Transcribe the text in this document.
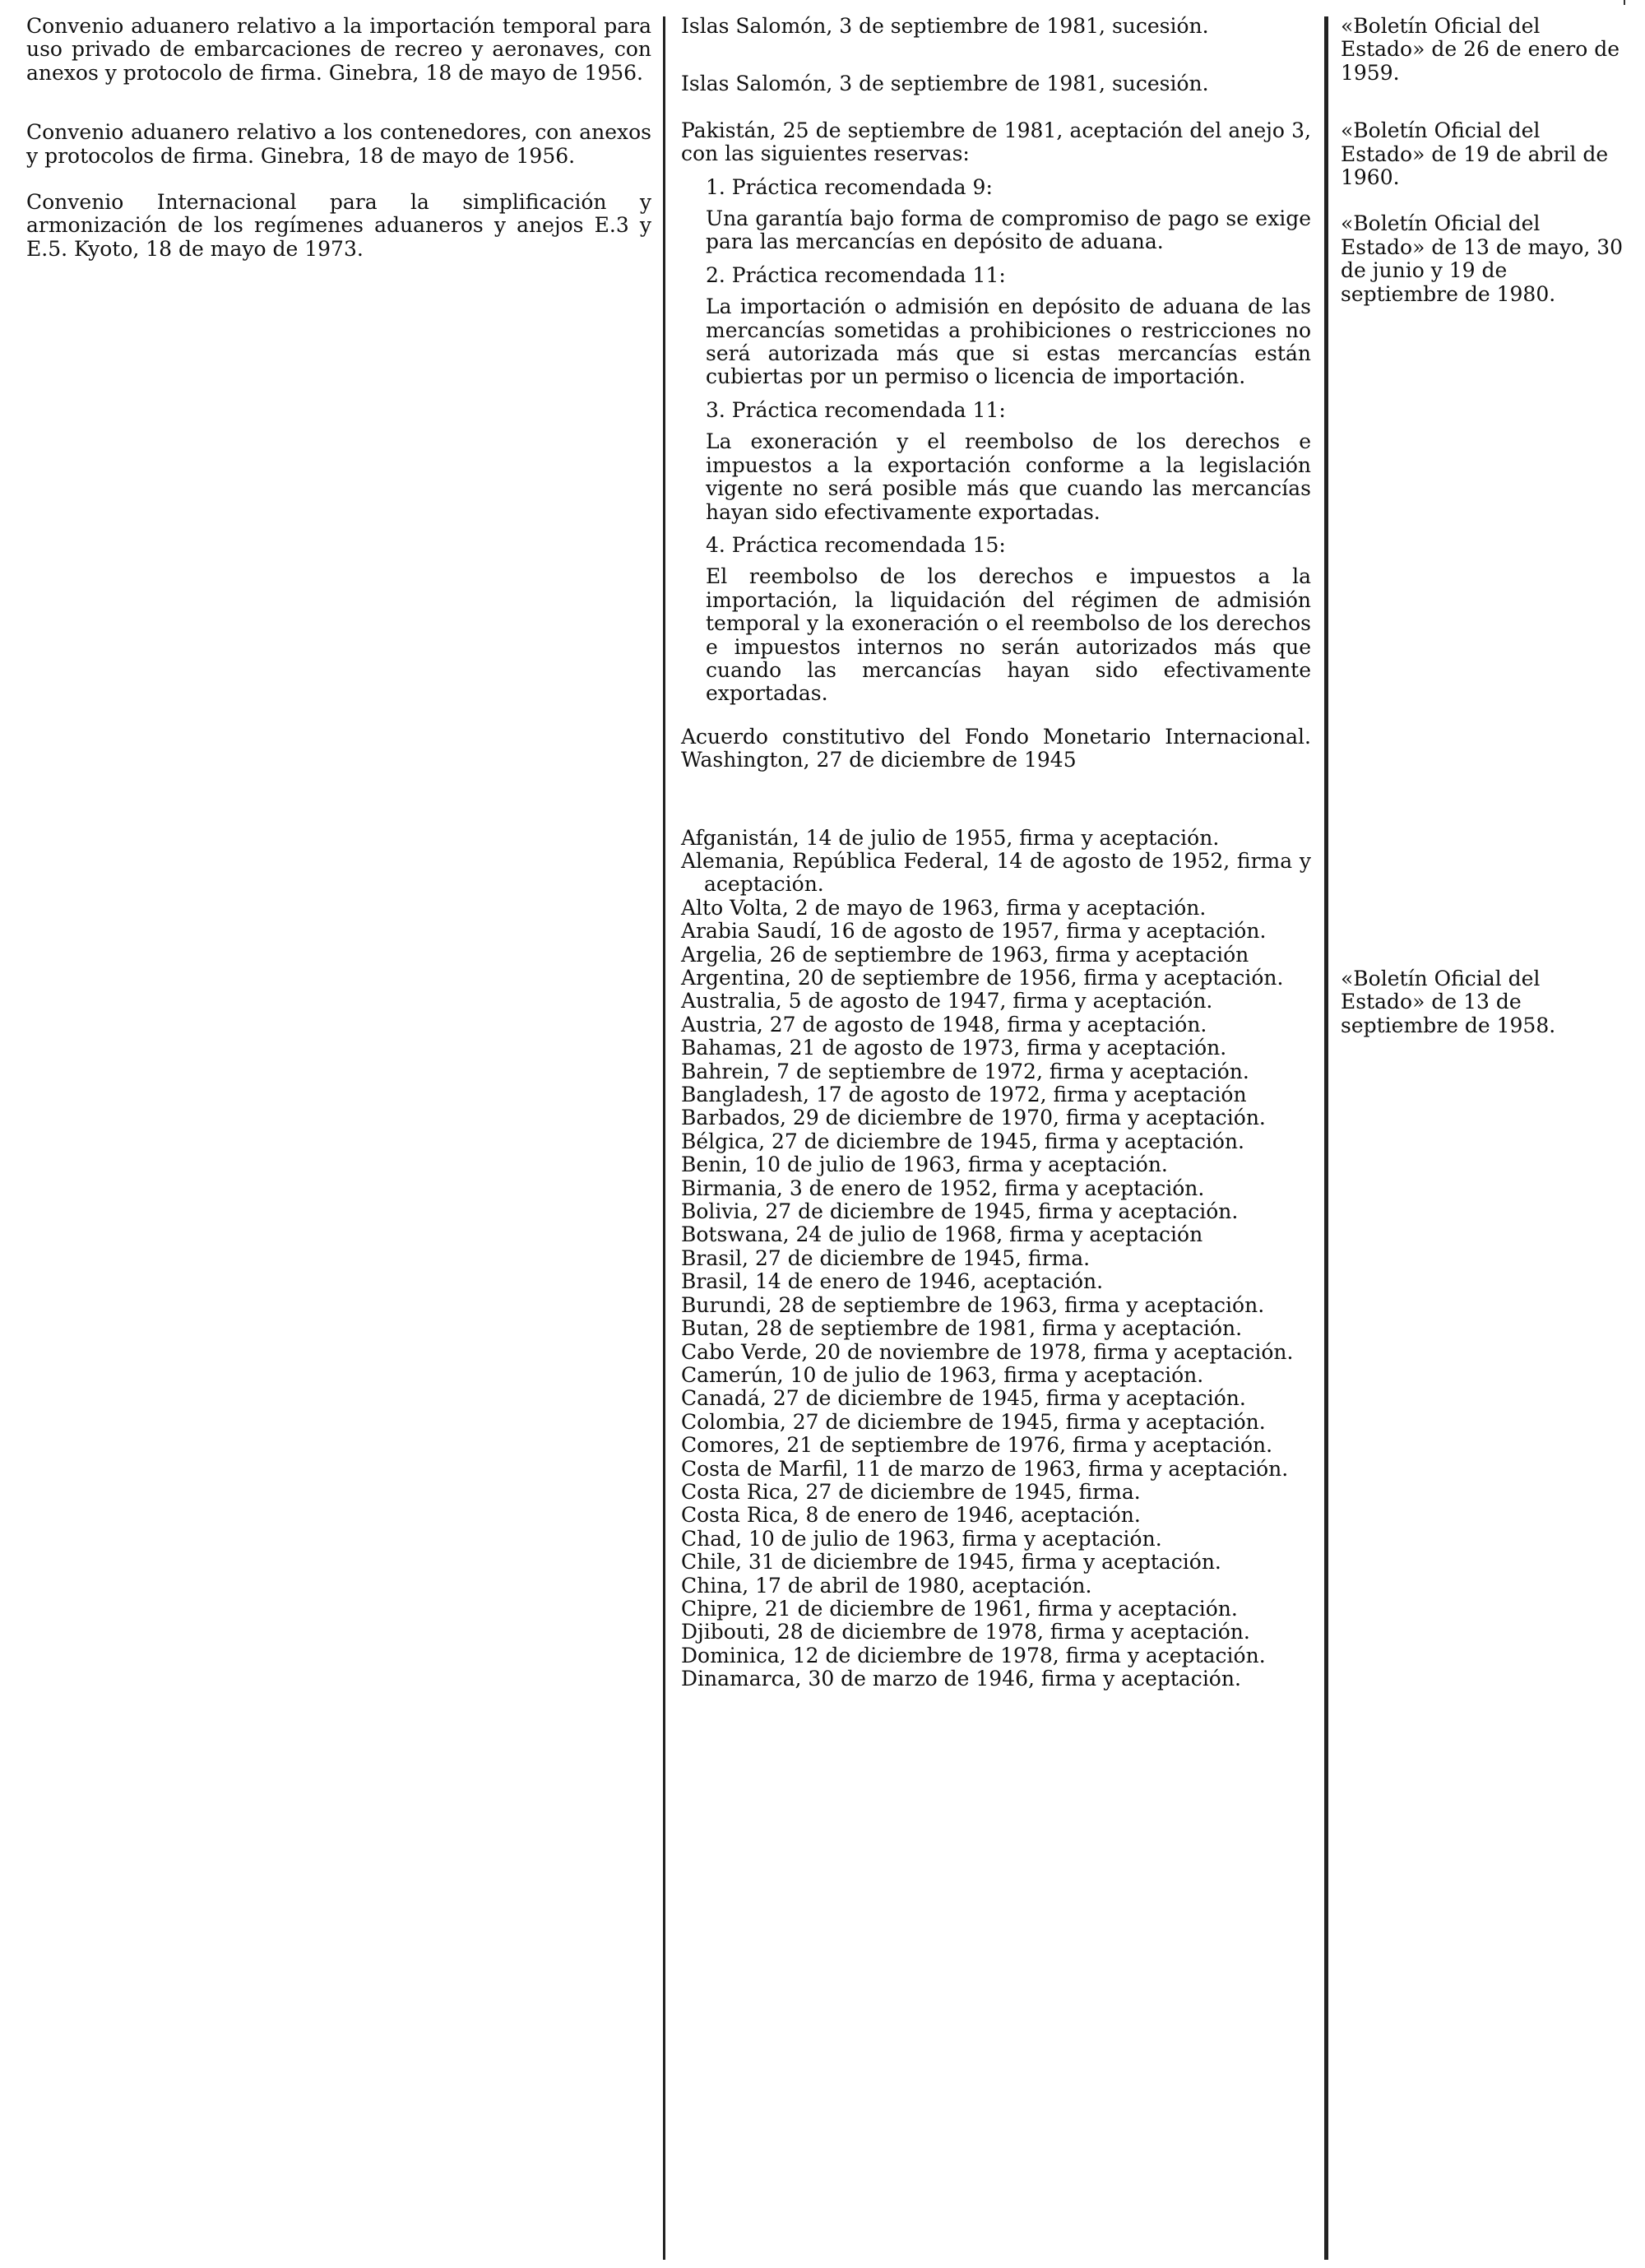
Convenio aduanero relativo a la importación temporal para uso privado de embarcaciones de recreo y aeronaves, con anexos y protocolo de firma. Ginebra, 18 de mayo de 1956.

Convenio aduanero relativo a los contenedores, con anexos y protocolos de firma. Ginebra, 18 de mayo de 1956.

Convenio Internacional para la simplificación y armonización de los regímenes aduaneros y anejos E.3 y E.5. Kyoto, 18 de mayo de 1973.

Islas Salomón, 3 de septiembre de 1981, sucesión.

Islas Salomón, 3 de septiembre de 1981, sucesión.

Pakistán, 25 de septiembre de 1981, aceptación del anejo 3, con las siguientes reservas:

1. Práctica recomendada 9:

Una garantía bajo forma de compromiso de pago se exige para las mercancías en depósito de aduana.

2. Práctica recomendada 11:

La importación o admisión en depósito de aduana de las mercancías sometidas a prohibiciones o restricciones no será autorizada más que si estas mercancías están cubiertas por un permiso o licencia de importación.

3. Práctica recomendada 11:

La exoneración y el reembolso de los derechos e impuestos a la exportación conforme a la legislación vigente no será posible más que cuando las mercancías hayan sido efectivamente exportadas.

4. Práctica recomendada 15:

El reembolso de los derechos e impuestos a la importación, la liquidación del régimen de admisión temporal y la exoneración o el reembolso de los derechos e impuestos internos no serán autorizados más que cuando las mercancías hayan sido efectivamente exportadas.

Acuerdo constitutivo del Fondo Monetario Internacional. Washington, 27 de diciembre de 1945

Afganistán, 14 de julio de 1955, firma y aceptación.

Alemania, República Federal, 14 de agosto de 1952, firma y aceptación.

Alto Volta, 2 de mayo de 1963, firma y aceptación.

Arabia Saudí, 16 de agosto de 1957, firma y aceptación.

Argelia, 26 de septiembre de 1963, firma y aceptación

Argentina, 20 de septiembre de 1956, firma y aceptación.

Australia, 5 de agosto de 1947, firma y aceptación.

Austria, 27 de agosto de 1948, firma y aceptación.

Bahamas, 21 de agosto de 1973, firma y aceptación.

Bahrein, 7 de septiembre de 1972, firma y aceptación.

Bangladesh, 17 de agosto de 1972, firma y aceptación

Barbados, 29 de diciembre de 1970, firma y aceptación.

Bélgica, 27 de diciembre de 1945, firma y aceptación.

Benin, 10 de julio de 1963, firma y aceptación.

Birmania, 3 de enero de 1952, firma y aceptación.

Bolivia, 27 de diciembre de 1945, firma y aceptación.

Botswana, 24 de julio de 1968, firma y aceptación

Brasil, 27 de diciembre de 1945, firma.

Brasil, 14 de enero de 1946, aceptación.

Burundi, 28 de septiembre de 1963, firma y aceptación.

Butan, 28 de septiembre de 1981, firma y aceptación.

Cabo Verde, 20 de noviembre de 1978, firma y aceptación.

Camerún, 10 de julio de 1963, firma y aceptación.

Canadá, 27 de diciembre de 1945, firma y aceptación.

Colombia, 27 de diciembre de 1945, firma y aceptación.

Comores, 21 de septiembre de 1976, firma y aceptación.

Costa de Marfil, 11 de marzo de 1963, firma y aceptación.

Costa Rica, 27 de diciembre de 1945, firma.

Costa Rica, 8 de enero de 1946, aceptación.

Chad, 10 de julio de 1963, firma y aceptación.

Chile, 31 de diciembre de 1945, firma y aceptación.

China, 17 de abril de 1980, aceptación.

Chipre, 21 de diciembre de 1961, firma y aceptación.

Djibouti, 28 de diciembre de 1978, firma y aceptación.

Dominica, 12 de diciembre de 1978, firma y aceptación.

Dinamarca, 30 de marzo de 1946, firma y aceptación.

«Boletín Oficial del Estado» de 26 de enero de 1959.

«Boletín Oficial del Estado» de 19 de abril de 1960.

«Boletín Oficial del Estado» de 13 de mayo, 30 de junio y 19 de septiembre de 1980.

«Boletín Oficial del Estado» de 13 de septiembre de 1958.
